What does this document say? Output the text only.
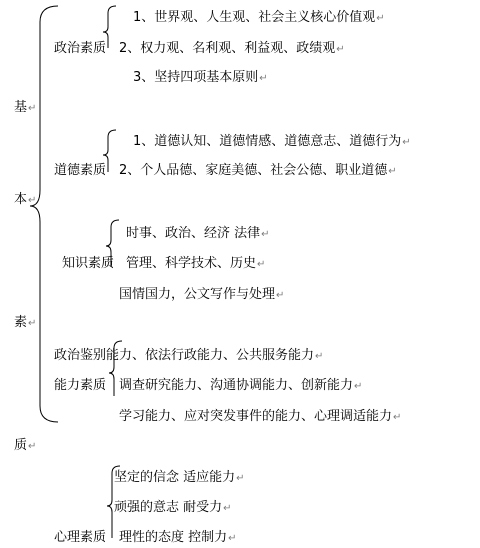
基↵
本↵
素↵
质↵
1、世界观、人生观、社会主义核心价值观↵
政治素质 2、权力观、名利观、利益观、政绩观↵
3、坚持四项基本原则↵
1、道德认知、道德情感、道德意志、道德行为↵
道德素质 2、个人品德、家庭美德、社会公德、职业道德↵
时事、政治、经济 法律↵
知识素质 管理、科学技术、历史↵
国情国力，公文写作与处理↵
政治鉴别能力、依法行政能力、公共服务能力↵
能力素质 调查研究能力、沟通协调能力、创新能力↵
学习能力、应对突发事件的能力、心理调适能力↵
坚定的信念 适应能力↵
顽强的意志 耐受力↵
心理素质 理性的态度 控制力↵
